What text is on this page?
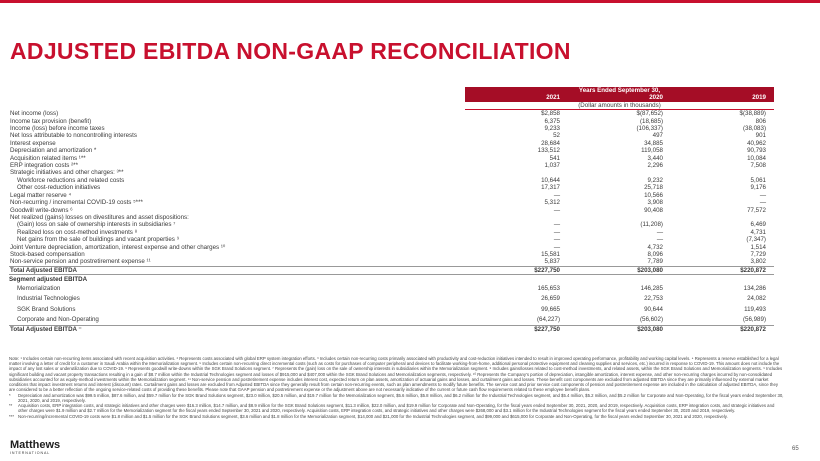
ADJUSTED EBITDA NON-GAAP RECONCILIATION
	Years Ended September 30,		
	2021	2020	2019
	(Dollar amounts in thousands)		
Net income (loss)	$2,858	$(87,652)	$(38,889)
Income tax provision (benefit)	6,375	(18,685)	806
Income (loss) before income taxes	9,233	(106,337)	(38,083)
Net loss attributable to noncontrolling interests	52	497	901
Interest expense	28,684	34,885	40,962
Depreciation and amortization *	133,512	119,058	90,793
Acquisition related items ¹**	541	3,440	10,084
ERP integration costs ²**	1,037	2,296	7,508
Strategic initiatives and other charges: ³**			
Workforce reductions and related costs	10,644	9,232	5,061
Other cost-reduction initiatives	17,317	25,718	9,176
Legal matter reserve ⁴	—	10,566	—
Non-recurring / incremental COVID-19 costs ⁵***	5,312	3,908	—
Goodwill write-downs ⁶	—	90,408	77,572
Net realized (gains) losses on divestitures and asset dispositions:			
(Gain) loss on sale of ownership interests in subsidiaries ⁷	—	(11,208)	6,469
Realized loss on cost-method investments ⁸	—	—	4,731
Net gains from the sale of buildings and vacant properties ⁹	—	—	(7,347)
Joint Venture depreciation, amortization, interest expense and other charges ¹⁰	—	4,732	1,514
Stock-based compensation	15,581	8,096	7,729
Non-service pension and postretirement expense ¹¹	5,837	7,789	3,802
Total Adjusted EBITDA	$227,750	$203,080	$220,872
Segment adjusted EBITDA			
Memorialization	165,653	146,285	134,286
Industrial Technologies	26,659	22,753	24,082
SGK Brand Solutions	99,665	90,644	119,493
Corporate and Non-Operating	(64,227)	(56,602)	(56,989)
Total Adjusted EBITDA ⁻	$227,750	$203,080	$220,872

Note: ¹ Includes certain non-recurring items associated with recent acquisition activities. ² Represents costs associated with global ERP system integration efforts. ³ Includes certain non-recurring costs primarily associated with productivity and cost-reduction initiatives intended to result in improved operating performance, profitability and working capital levels. ⁴ Represents a reserve established for a legal matter involving a letter of credit for a customer in Saudi Arabia within the Memorialization segment. ⁵ Includes certain non-recurring direct incremental costs (such as costs for purchases of computer peripheral and devices to facilitate working-from-home, additional personal protective equipment and cleaning supplies and services, etc.) incurred in response to COVID-19. This amount does not include the impact of any lost sales or underutilization due to COVID-19. ⁶ Represents goodwill write-downs within the SGK Brand Solutions segment. ⁷ Represents the (gain) loss on the sale of ownership interests in subsidiaries within the Memorialization segment. ⁸ Includes gains/losses related to cost-method investments, and related assets, within the SGK Brand Solutions and Memorialization segments. ⁹ Includes significant building and vacant property transactions resulting in a gain of $8.7 million within the Industrial Technologies segment and losses of $915,000 and $407,000 within the SGK Brand Solutions and Memorialization segments, respectively. ¹⁰ Represents the Company's portion of depreciation, intangible amortization, interest expense, and other non-recurring charges incurred by non-consolidated subsidiaries accounted for as equity-method investments within the Memorialization segment. ¹¹ Non-service pension and postretirement expense includes interest cost, expected return on plan assets, amortization of actuarial gains and losses, and curtailment gains and losses. These benefit cost components are excluded from adjusted EBITDA since they are primarily influenced by external market conditions that impact investment returns and interest (discount) rates. Curtailment gains and losses are excluded from Adjusted EBITDA since they generally result from certain non-recurring events, such as plan amendments to modify future benefits. The service cost and prior service cost components of pension and postretirement expense are included in the calculation of adjusted EBITDA, since they are considered to be a better reflection of the ongoing service-related costs of providing these benefits. Please note that GAAP pension and postretirement expense or the adjustment above are not necessarily indicative of the current or future cash flow requirements related to these employee benefit plans.

*	Depreciation and amortization was $99.5 million, $87.6 million, and $59.7 million for the SGK Brand Solutions segment, $23.0 million, $20.5 million, and $19.7 million for the Memorialization segment, $5.6 million, $5.8 million, and $6.2 million for the Industrial Technologies segment, and $5.4 million, $5.2 million, and $5.2 million for Corporate and Non-Operating, for the fiscal years ended September 30, 2021, 2020, and 2019, respectively.
**	Acquisition costs, ERP integration costs, and strategic initiatives and other charges were $16.3 million, $14.7 million, and $8.9 million for the SGK Brand Solutions segment, $11.3 million, $22.0 million, and $19.9 million for Corporate and Non-Operating, for the fiscal years ended September 30, 2021, 2020, and 2019, respectively. Acquisition costs, ERP integration costs, and strategic initiatives and other charges were $1.9 million and $2.7 million for the Memorialization segment for the fiscal years ended September 30, 2021 and 2020, respectively. Acquisition costs, ERP integration costs, and strategic initiatives and other charges were $268,000 and $3.1 million for the Industrial Technologies segment for the fiscal years ended September 30, 2020 and 2019, respectively.
*** Non-recurring/incremental COVID-19 costs were $1.8 million and $1.5 million for the SGK Brand Solutions segment, $3.6 million and $1.8 million for the Memorialization segment, $14,000 and $21,000 for the Industrial Technologies segment, and $99,000 and $615,000 for Corporate and Non-Operating, for the fiscal years ended September 30, 2021 and 2020, respectively.
Matthews
INTERNATIONAL
65
